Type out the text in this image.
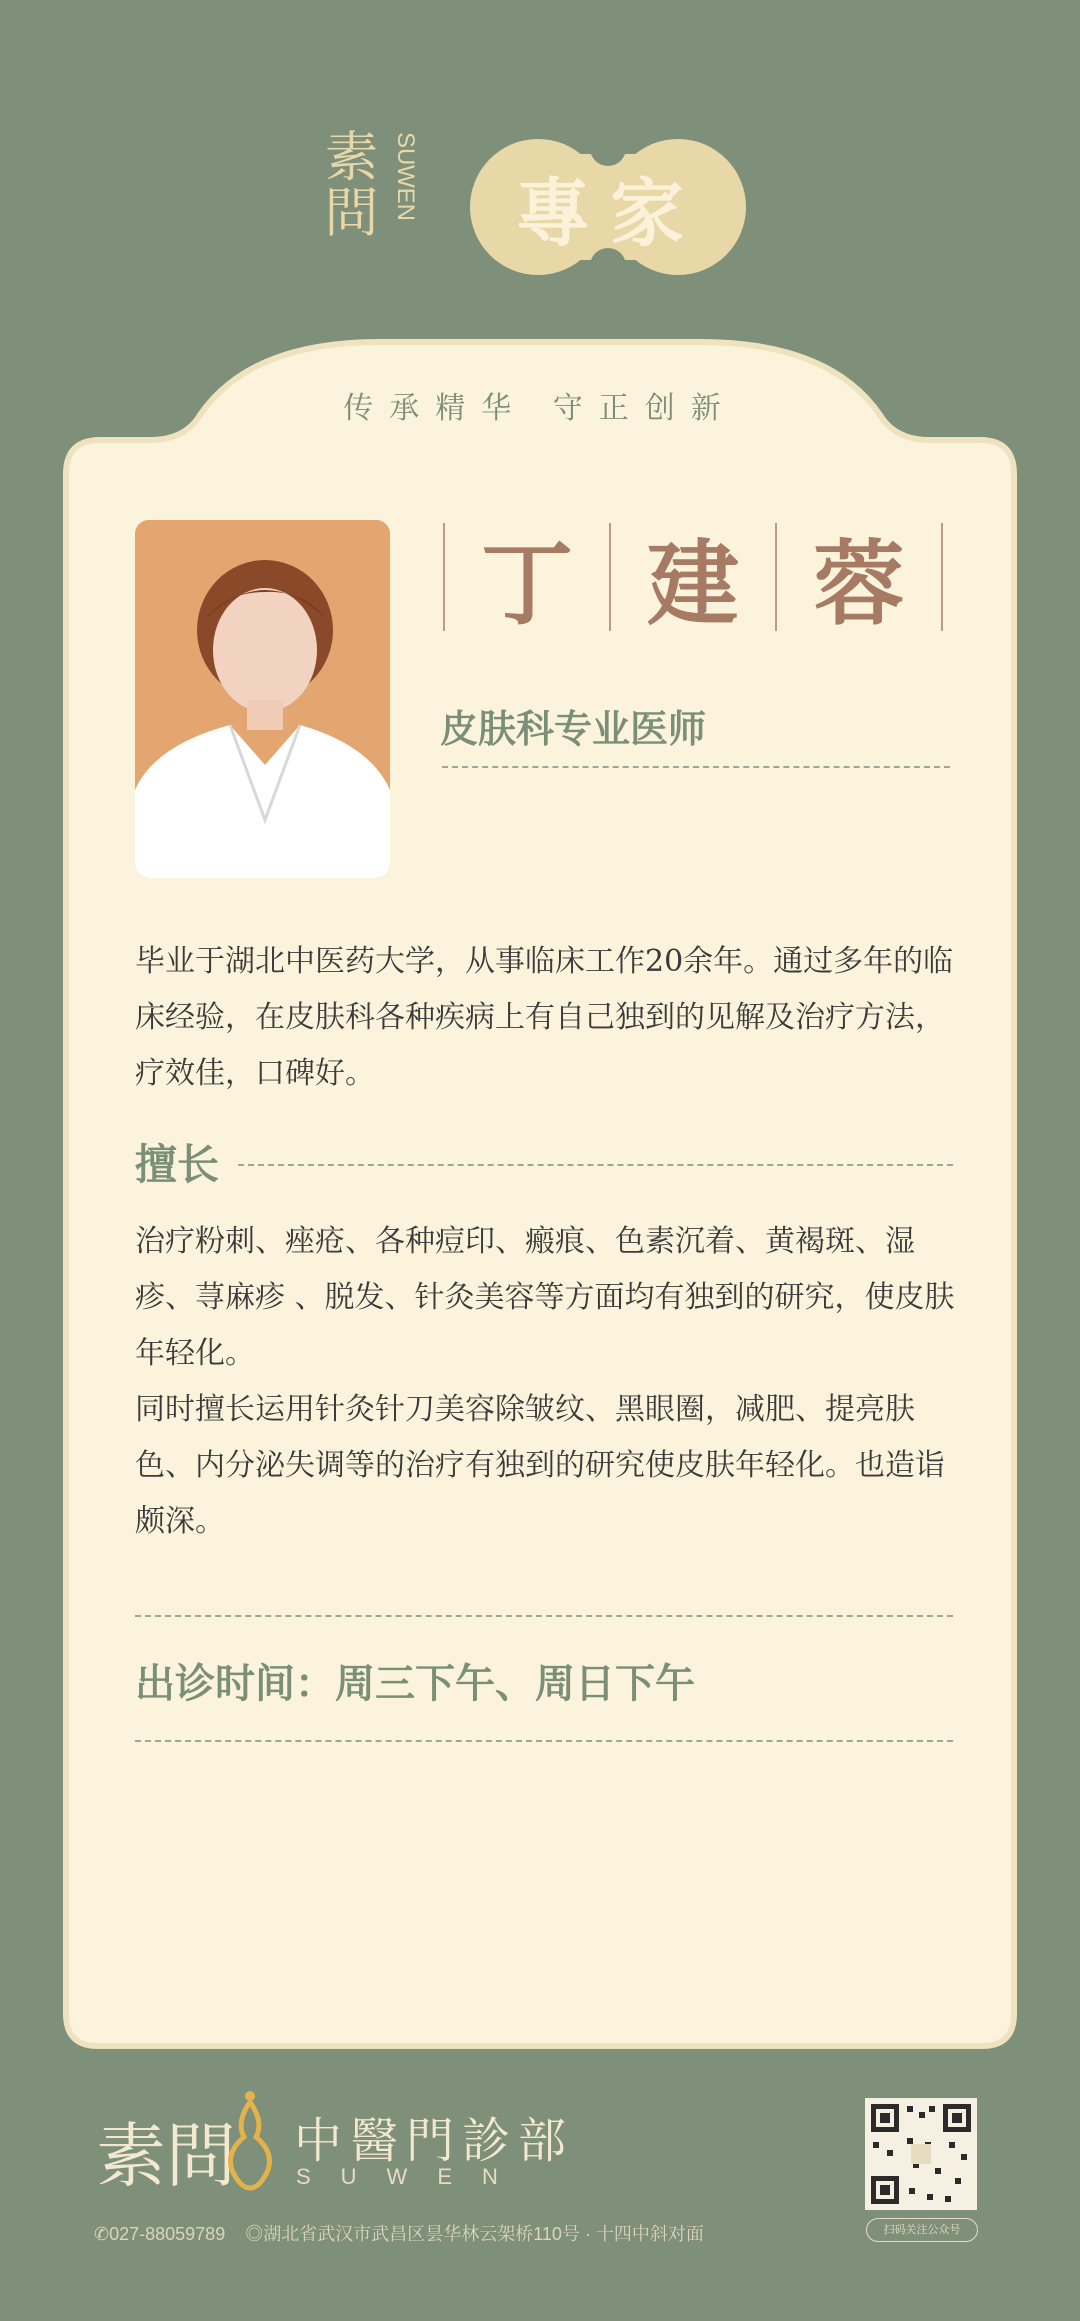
素問 SU
WEN	專家
传承精华 守正创新
丁 建 蓉
皮肤科专业医师
毕业于湖北中医药大学，从事临床工作20余年。通过多年的临床经验，在皮肤科各种疾病上有自己独到的见解及治疗方法，疗效佳，口碑好。
擅长

治疗粉刺、痤疮、各种痘印、瘢痕、色素沉着、黄褐斑、湿疹、荨麻疹 、脱发、针灸美容等方面均有独到的研究，使皮肤年轻化。

同时擅长运用针灸针刀美容除皱纹、黑眼圈，减肥、提亮肤色、内分泌失调等的治疗有独到的研究使皮肤年轻化。也造诣颇深。

出诊时间：周三下午、周日下午
素問 中醫門診部
SUWEN
✆027-88059789 ◎湖北省武汉市武昌区昙华林云架桥110号 · 十四中斜对面	扫码关注公众号
